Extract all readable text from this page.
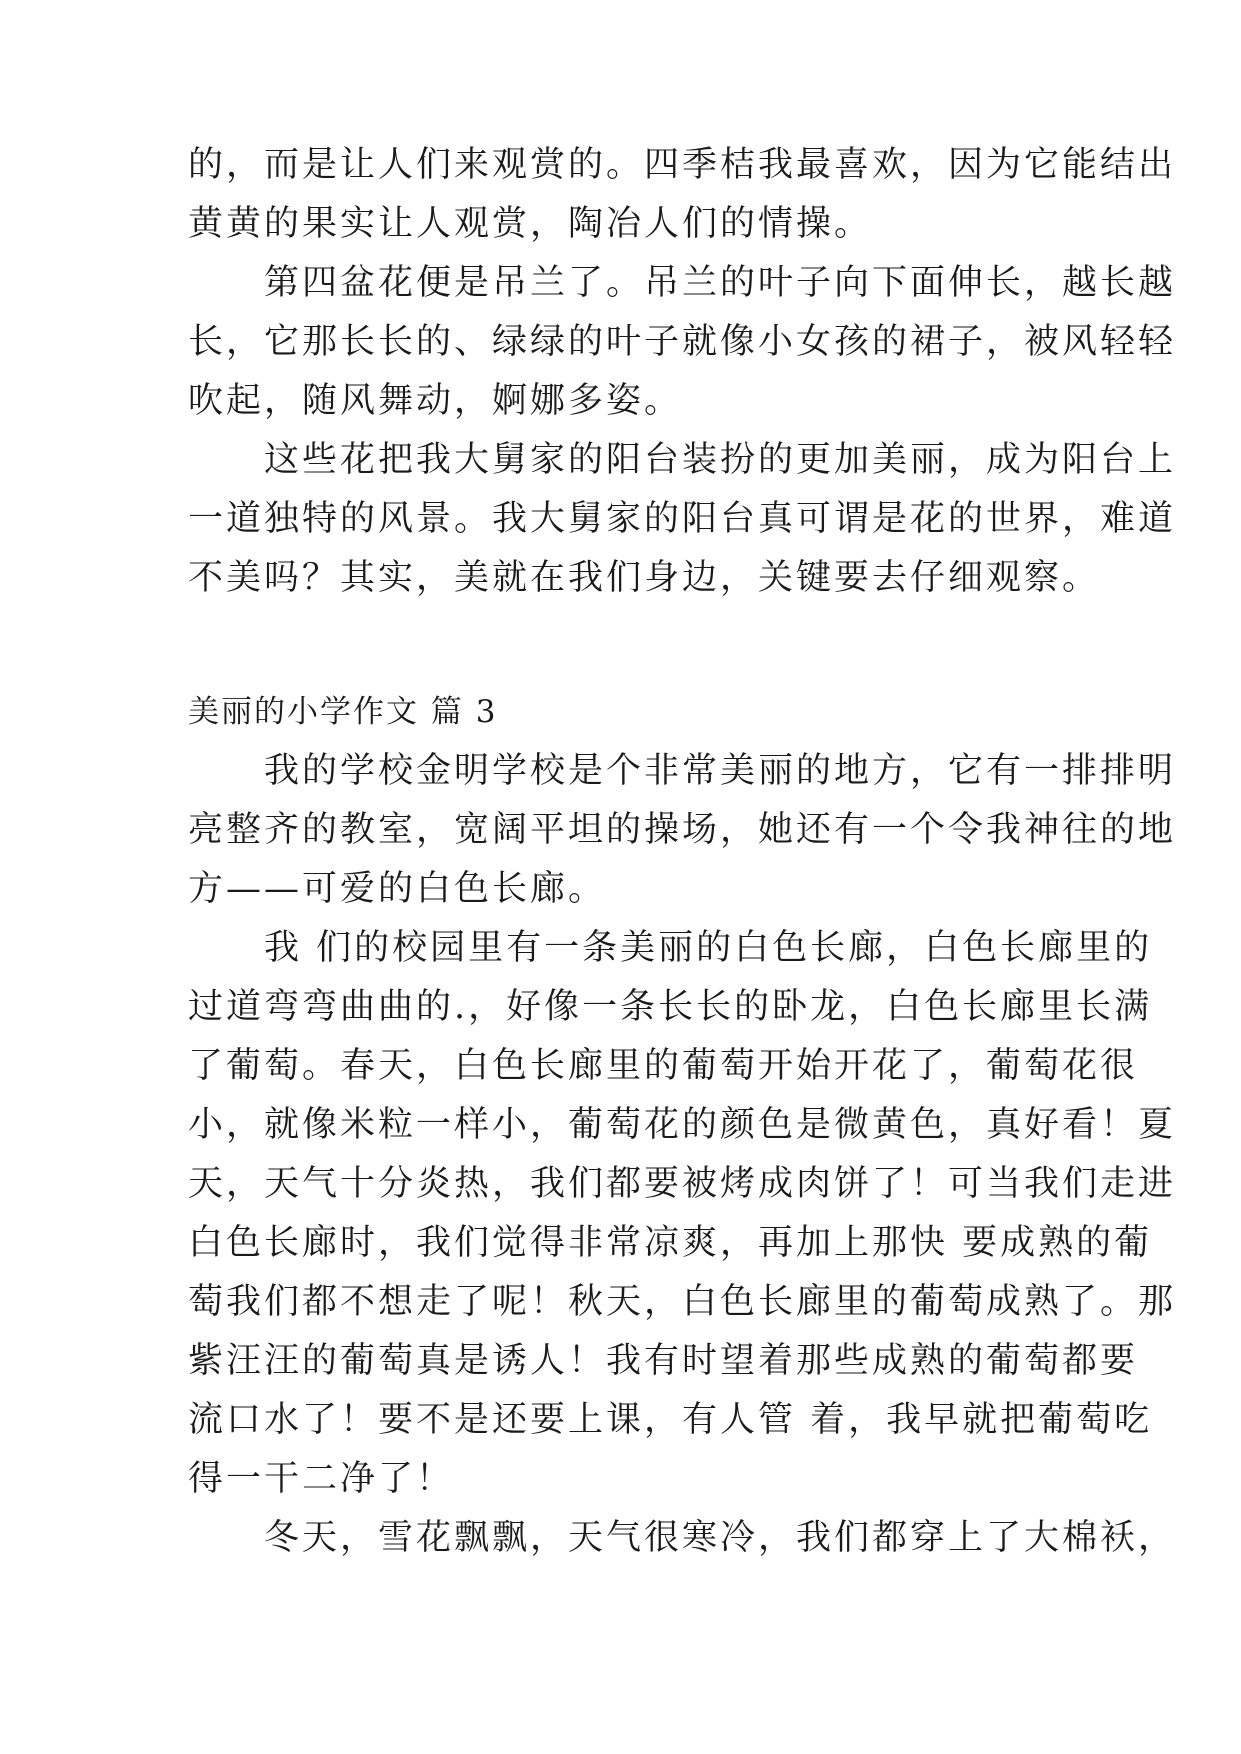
的，而是让人们来观赏的。四季桔我最喜欢，因为它能结出
黄黄的果实让人观赏，陶冶人们的情操。
　　第四盆花便是吊兰了。吊兰的叶子向下面伸长，越长越
长，它那长长的、绿绿的叶子就像小女孩的裙子，被风轻轻
吹起，随风舞动，婀娜多姿。
　　这些花把我大舅家的阳台装扮的更加美丽，成为阳台上
一道独特的风景。我大舅家的阳台真可谓是花的世界，难道
不美吗？其实，美就在我们身边，关键要去仔细观察。
美丽的小学作文 篇 3
　　我的学校金明学校是个非常美丽的地方，它有一排排明
亮整齐的教室，宽阔平坦的操场，她还有一个令我神往的地
方——可爱的白色长廊。
　　我 们的校园里有一条美丽的白色长廊，白色长廊里的
过道弯弯曲曲的.，好像一条长长的卧龙，白色长廊里长满
了葡萄。春天，白色长廊里的葡萄开始开花了，葡萄花很
小，就像米粒一样小，葡萄花的颜色是微黄色，真好看！夏
天，天气十分炎热，我们都要被烤成肉饼了！可当我们走进
白色长廊时，我们觉得非常凉爽，再加上那快 要成熟的葡
萄我们都不想走了呢！秋天，白色长廊里的葡萄成熟了。那
紫汪汪的葡萄真是诱人！我有时望着那些成熟的葡萄都要
流口水了！要不是还要上课，有人管 着，我早就把葡萄吃
得一干二净了！
　　冬天，雪花飘飘，天气很寒冷，我们都穿上了大棉袄，
